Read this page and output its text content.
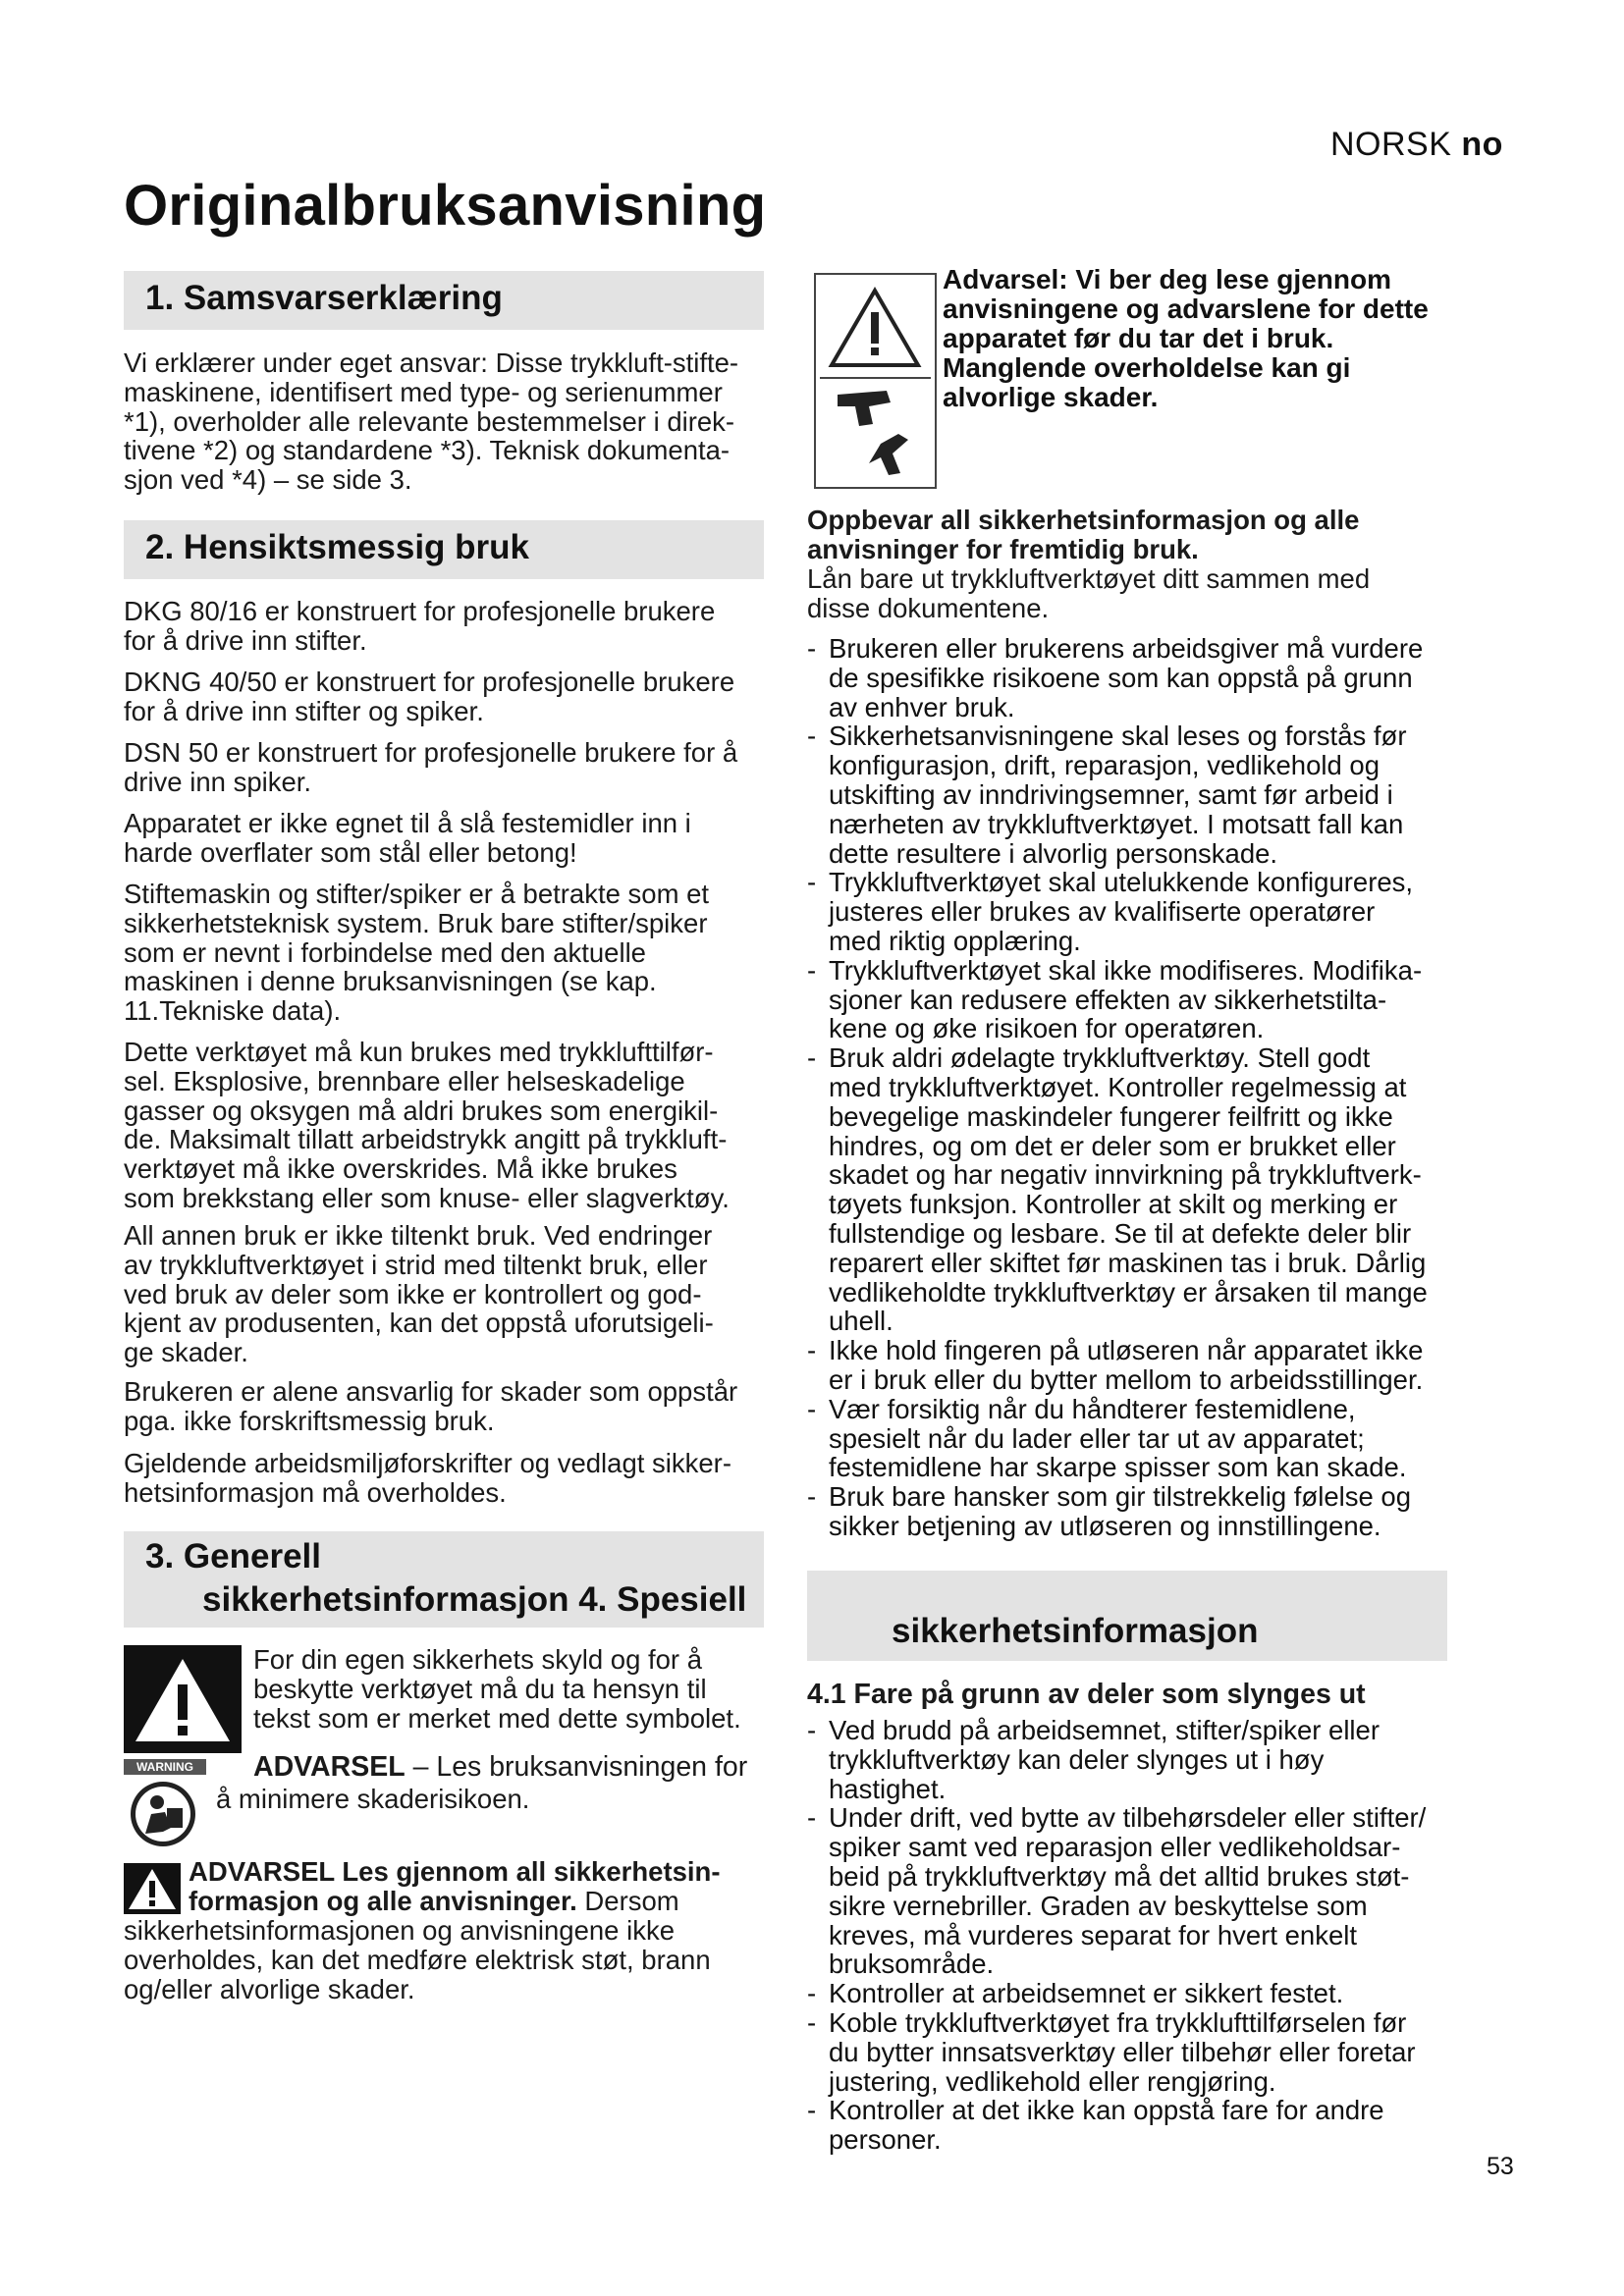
NORSK no
Originalbruksanvisning
1. Samsvarserklæring
Vi erklærer under eget ansvar: Disse trykkluft-stifte-
maskinene, identifisert med type- og serienummer
*1), overholder alle relevante bestemmelser i direk-
tivene *2) og standardene *3). Teknisk dokumenta-
sjon ved *4) – se side 3.
2. Hensiktsmessig bruk
DKG 80/16 er konstruert for profesjonelle brukere
for å drive inn stifter.
DKNG 40/50 er konstruert for profesjonelle brukere
for å drive inn stifter og spiker.
DSN 50 er konstruert for profesjonelle brukere for å
drive inn spiker.
Apparatet er ikke egnet til å slå festemidler inn i
harde overflater som stål eller betong!
Stiftemaskin og stifter/spiker er å betrakte som et
sikkerhetsteknisk system. Bruk bare stifter/spiker
som er nevnt i forbindelse med den aktuelle
maskinen i denne bruksanvisningen (se kap.
11.Tekniske data).
Dette verktøyet må kun brukes med trykklufttilfør-
sel. Eksplosive, brennbare eller helseskadelige
gasser og oksygen må aldri brukes som energikil-
de. Maksimalt tillatt arbeidstrykk angitt på trykkluft-
verktøyet må ikke overskrides. Må ikke brukes
som brekkstang eller som knuse- eller slagverktøy.
All annen bruk er ikke tiltenkt bruk. Ved endringer
av trykkluftverktøyet i strid med tiltenkt bruk, eller
ved bruk av deler som ikke er kontrollert og god-
kjent av produsenten, kan det oppstå uforutsigeli-
ge skader.
Brukeren er alene ansvarlig for skader som oppstår
pga. ikke forskriftsmessig bruk.
Gjeldende arbeidsmiljøforskrifter og vedlagt sikker-
hetsinformasjon må overholdes.
3. Generell
sikkerhetsinformasjon 4. Spesiell
For din egen sikkerhets skyld og for å
beskytte verktøyet må du ta hensyn til
tekst som er merket med dette symbolet.
WARNING	ADVARSEL – Les bruksanvisningen for
å minimere skaderisikoen.
ADVARSEL Les gjennom all sikkerhetsin-
formasjon og alle anvisninger. Dersom
sikkerhetsinformasjonen og anvisningene ikke
overholdes, kan det medføre elektrisk støt, brann
og/eller alvorlige skader.
Advarsel: Vi ber deg lese gjennom
anvisningene og advarslene for dette
apparatet før du tar det i bruk.
Manglende overholdelse kan gi
alvorlige skader.
Oppbevar all sikkerhetsinformasjon og alle
anvisninger for fremtidig bruk.
Lån bare ut trykkluftverktøyet ditt sammen med
disse dokumentene.
- Brukeren eller brukerens arbeidsgiver må vurdere
de spesifikke risikoene som kan oppstå på grunn
av enhver bruk.
- Sikkerhetsanvisningene skal leses og forstås før
konfigurasjon, drift, reparasjon, vedlikehold og
utskifting av inndrivingsemner, samt før arbeid i
nærheten av trykkluftverktøyet. I motsatt fall kan
dette resultere i alvorlig personskade.
- Trykkluftverktøyet skal utelukkende konfigureres,
justeres eller brukes av kvalifiserte operatører
med riktig opplæring.
- Trykkluftverktøyet skal ikke modifiseres. Modifika-
sjoner kan redusere effekten av sikkerhetstilta-
kene og øke risikoen for operatøren.
- Bruk aldri ødelagte trykkluftverktøy. Stell godt
med trykkluftverktøyet. Kontroller regelmessig at
bevegelige maskindeler fungerer feilfritt og ikke
hindres, og om det er deler som er brukket eller
skadet og har negativ innvirkning på trykkluftverk-
tøyets funksjon. Kontroller at skilt og merking er
fullstendige og lesbare. Se til at defekte deler blir
reparert eller skiftet før maskinen tas i bruk. Dårlig
vedlikeholdte trykkluftverktøy er årsaken til mange
uhell.
- Ikke hold fingeren på utløseren når apparatet ikke
er i bruk eller du bytter mellom to arbeidsstillinger.
- Vær forsiktig når du håndterer festemidlene,
spesielt når du lader eller tar ut av apparatet;
festemidlene har skarpe spisser som kan skade.
- Bruk bare hansker som gir tilstrekkelig følelse og
sikker betjening av utløseren og innstillingene.
sikkerhetsinformasjon
4.1 Fare på grunn av deler som slynges ut
- Ved brudd på arbeidsemnet, stifter/spiker eller
trykkluftverktøy kan deler slynges ut i høy
hastighet.
- Under drift, ved bytte av tilbehørsdeler eller stifter/
spiker samt ved reparasjon eller vedlikeholdsar-
beid på trykkluftverktøy må det alltid brukes støt-
sikre vernebriller. Graden av beskyttelse som
kreves, må vurderes separat for hvert enkelt
bruksområde.
- Kontroller at arbeidsemnet er sikkert festet.
- Koble trykkluftverktøyet fra trykklufttilførselen før
du bytter innsatsverktøy eller tilbehør eller foretar
justering, vedlikehold eller rengjøring.
- Kontroller at det ikke kan oppstå fare for andre
personer.
53
